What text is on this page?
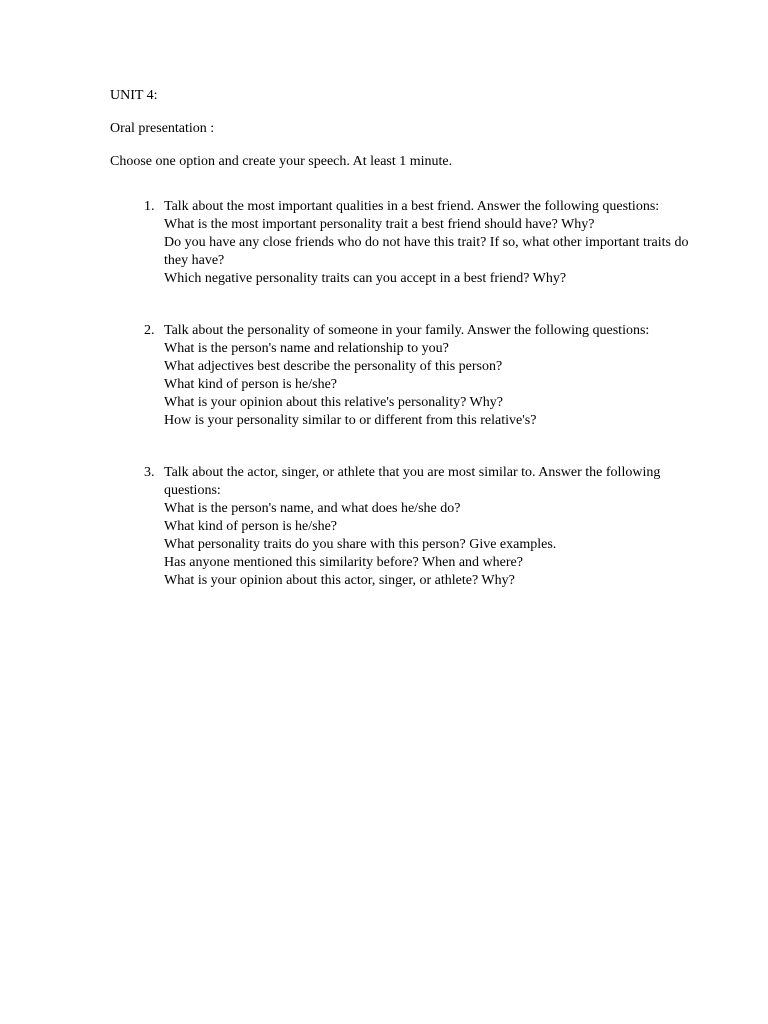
UNIT 4:

Oral presentation :

Choose one option and create your speech. At least 1 minute.

1. Talk about the most important qualities in a best friend. Answer the following questions:
What is the most important personality trait a best friend should have? Why?
Do you have any close friends who do not have this trait? If so, what other important traits do they have?
Which negative personality traits can you accept in a best friend? Why?
2. Talk about the personality of someone in your family. Answer the following questions:
What is the person's name and relationship to you?
What adjectives best describe the personality of this person?
What kind of person is he/she?
What is your opinion about this relative's personality? Why?
How is your personality similar to or different from this relative's?
3. Talk about the actor, singer, or athlete that you are most similar to. Answer the following questions:
What is the person's name, and what does he/she do?
What kind of person is he/she?
What personality traits do you share with this person? Give examples.
Has anyone mentioned this similarity before? When and where?
What is your opinion about this actor, singer, or athlete? Why?
